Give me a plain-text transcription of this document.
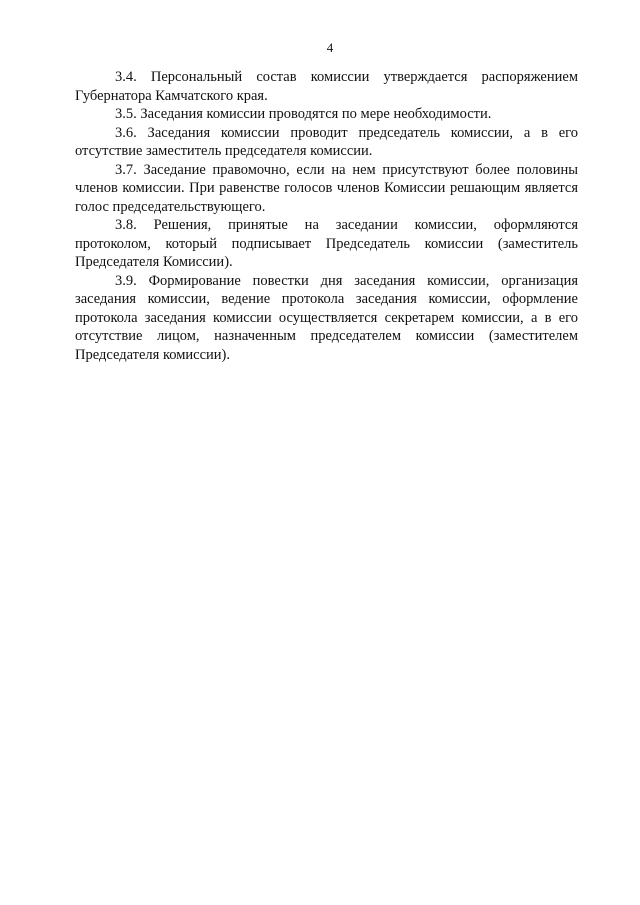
4

3.4. Персональный состав комиссии утверждается распоряжением Губернатора Камчатского края.

3.5. Заседания комиссии проводятся по мере необходимости.

3.6. Заседания комиссии проводит председатель комиссии, а в его отсутствие заместитель председателя комиссии.

3.7. Заседание правомочно, если на нем присутствуют более половины членов комиссии. При равенстве голосов членов Комиссии решающим является голос председательствующего.

3.8. Решения, принятые на заседании комиссии, оформляются протоколом, который подписывает Председатель комиссии (заместитель Председателя Комиссии).

3.9. Формирование повестки дня заседания комиссии, организация заседания комиссии, ведение протокола заседания комиссии, оформление протокола заседания комиссии осуществляется секретарем комиссии, а в его отсутствие лицом, назначенным председателем комиссии (заместителем Председателя комиссии).
